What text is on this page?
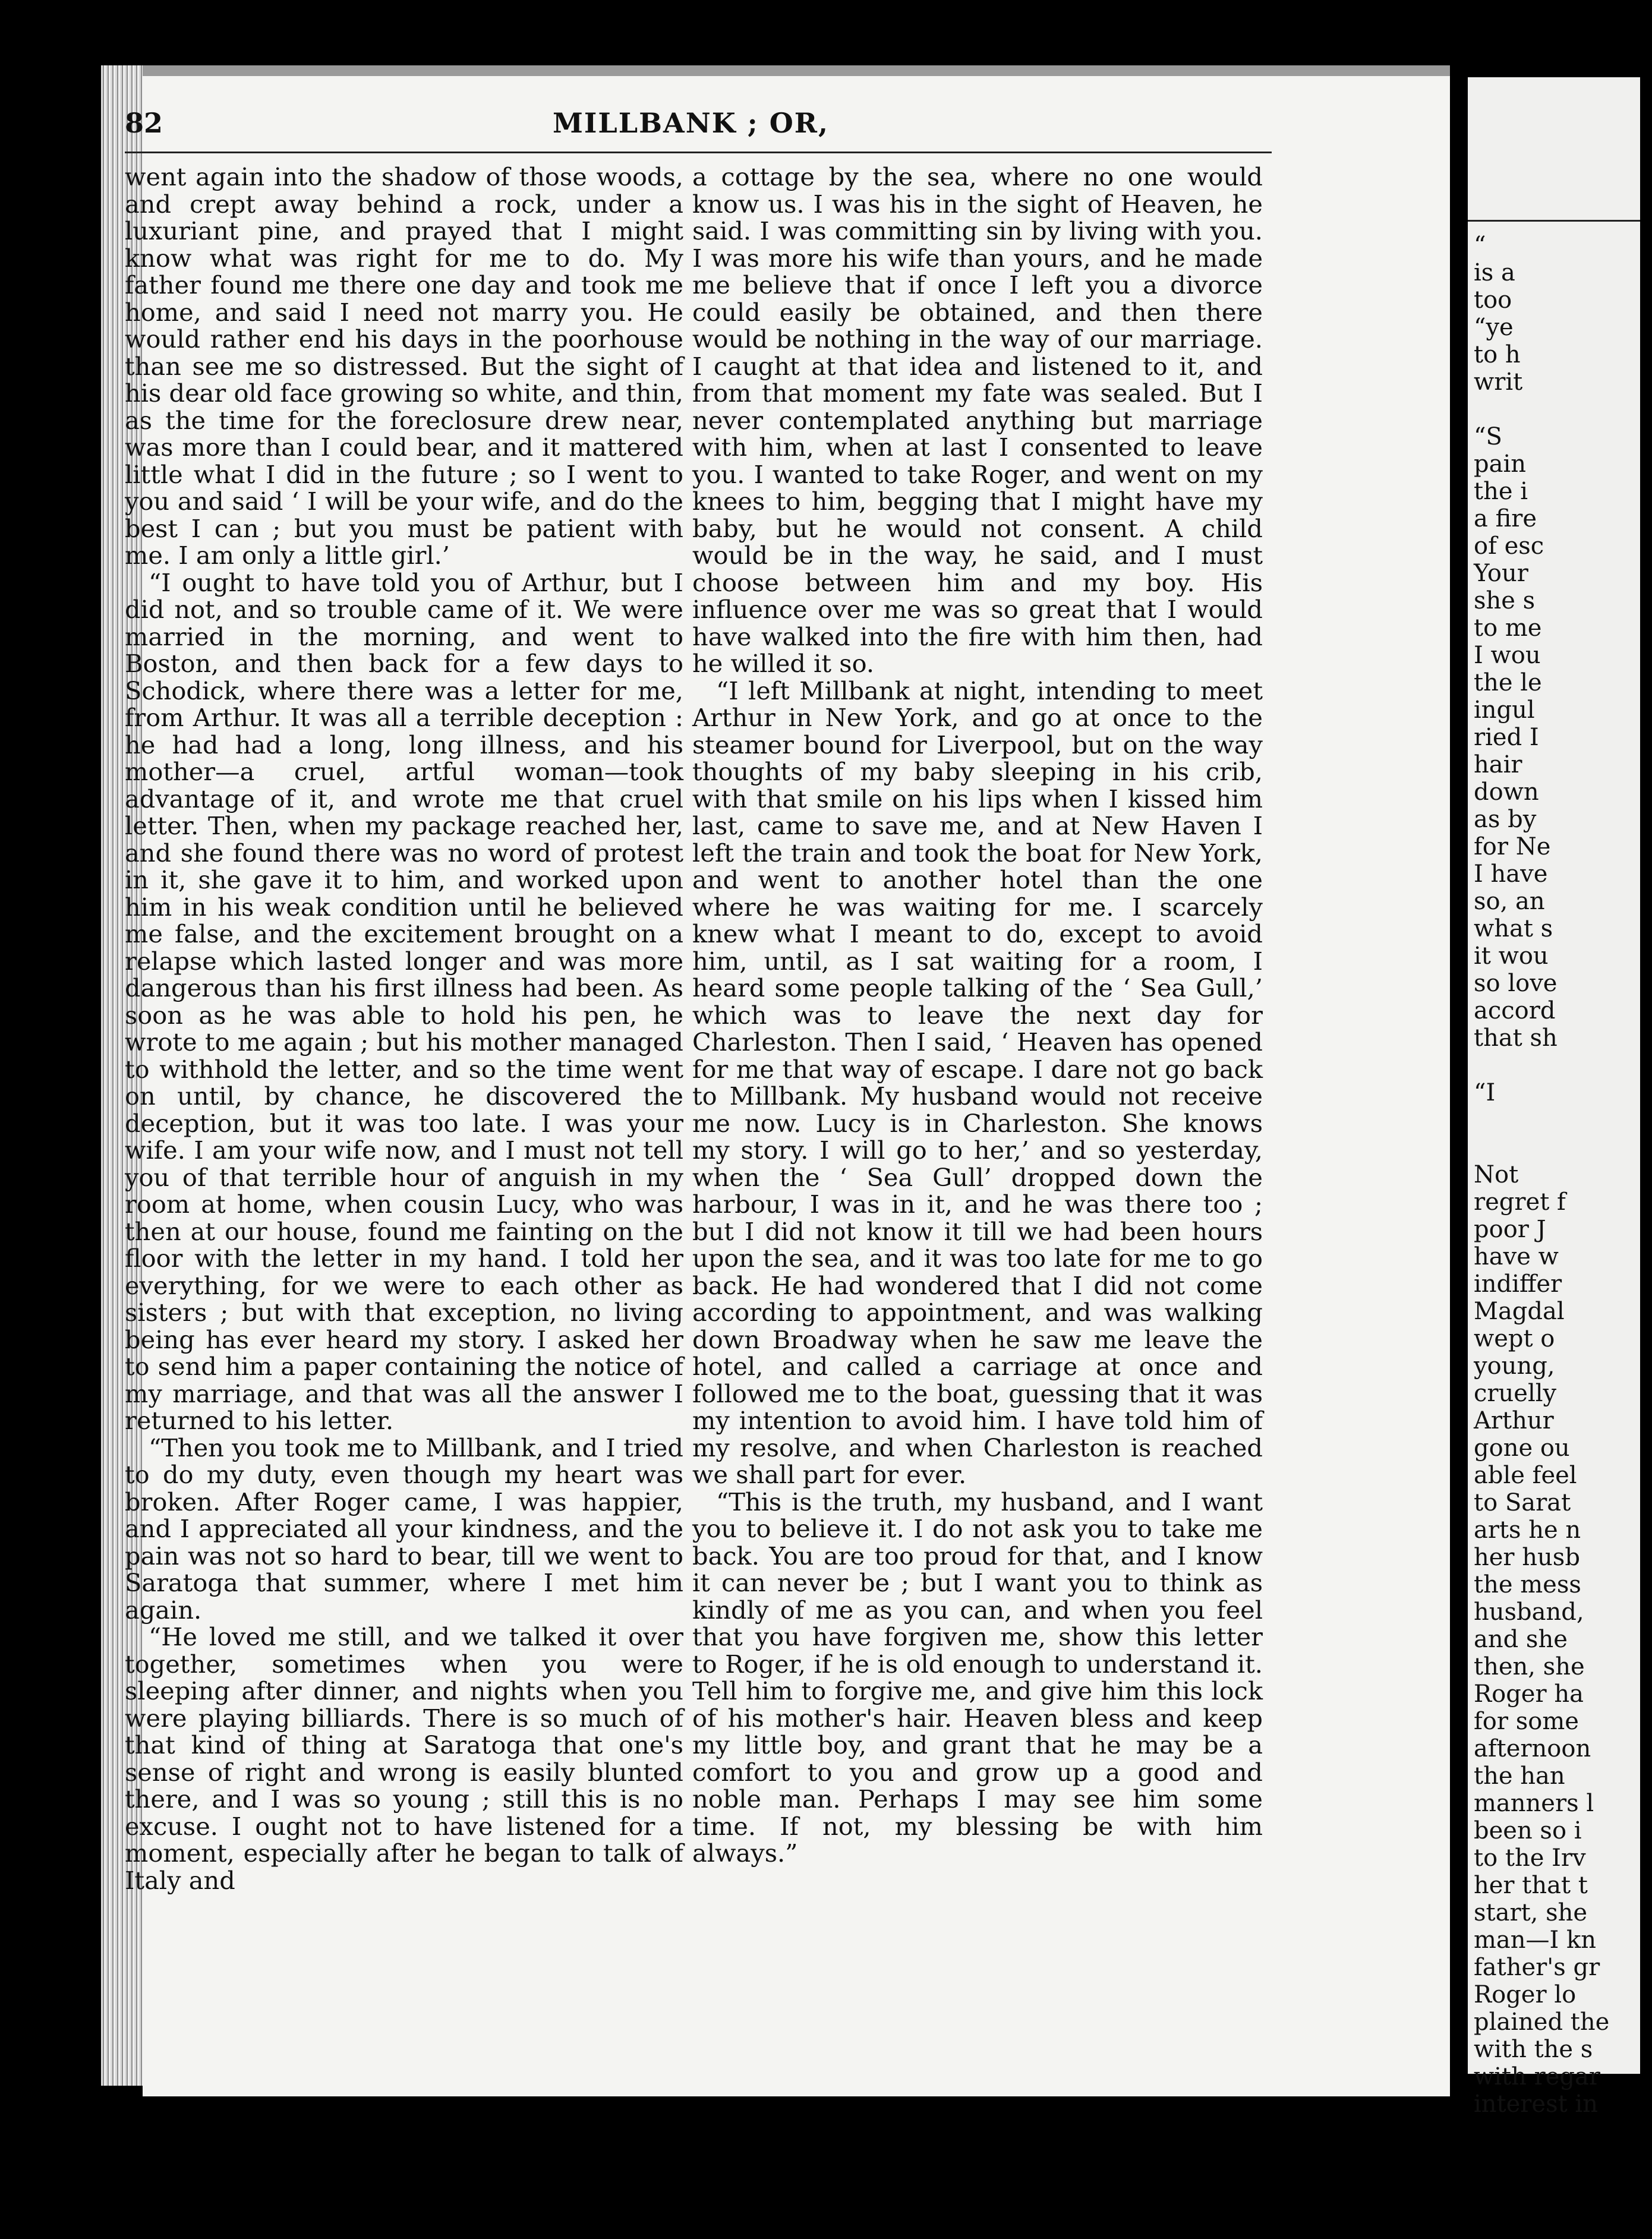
82	MILLBANK ; OR,

went again into the shadow of those woods, and crept away behind a rock, under a luxuriant pine, and prayed that I might know what was right for me to do. My father found me there one day and took me home, and said I need not marry you. He would rather end his days in the poorhouse than see me so distressed. But the sight of his dear old face growing so white, and thin, as the time for the foreclosure drew near, was more than I could bear, and it mattered little what I did in the future ; so I went to you and said ‘ I will be your wife, and do the best I can ; but you must be patient with me. I am only a little girl.’

“I ought to have told you of Arthur, but I did not, and so trouble came of it. We were married in the morning, and went to Boston, and then back for a few days to Schodick, where there was a letter for me, from Arthur. It was all a terrible deception : he had had a long, long illness, and his mother—a cruel, artful woman—took advantage of it, and wrote me that cruel letter. Then, when my package reached her, and she found there was no word of protest in it, she gave it to him, and worked upon him in his weak condition until he believed me false, and the excitement brought on a relapse which lasted longer and was more dangerous than his first illness had been. As soon as he was able to hold his pen, he wrote to me again ; but his mother managed to withhold the letter, and so the time went on until, by chance, he discovered the deception, but it was too late. I was your wife. I am your wife now, and I must not tell you of that terrible hour of anguish in my room at home, when cousin Lucy, who was then at our house, found me fainting on the floor with the letter in my hand. I told her everything, for we were to each other as sisters ; but with that exception, no living being has ever heard my story. I asked her to send him a paper containing the notice of my marriage, and that was all the answer I returned to his letter.

“Then you took me to Millbank, and I tried to do my duty, even though my heart was broken. After Roger came, I was happier, and I appreciated all your kindness, and the pain was not so hard to bear, till we went to Saratoga that summer, where I met him again.

“He loved me still, and we talked it over together, sometimes when you were sleeping after dinner, and nights when you were playing billiards. There is so much of that kind of thing at Saratoga that one's sense of right and wrong is easily blunted there, and I was so young ; still this is no excuse. I ought not to have listened for a moment, especially after he began to talk of Italy and

a cottage by the sea, where no one would know us. I was his in the sight of Heaven, he said. I was committing sin by living with you. I was more his wife than yours, and he made me believe that if once I left you a divorce could easily be obtained, and then there would be nothing in the way of our marriage. I caught at that idea and listened to it, and from that moment my fate was sealed. But I never contemplated anything but marriage with him, when at last I consented to leave you. I wanted to take Roger, and went on my knees to him, begging that I might have my baby, but he would not consent. A child would be in the way, he said, and I must choose between him and my boy. His influence over me was so great that I would have walked into the fire with him then, had he willed it so.

“I left Millbank at night, intending to meet Arthur in New York, and go at once to the steamer bound for Liverpool, but on the way thoughts of my baby sleeping in his crib, with that smile on his lips when I kissed him last, came to save me, and at New Haven I left the train and took the boat for New York, and went to another hotel than the one where he was waiting for me. I scarcely knew what I meant to do, except to avoid him, until, as I sat waiting for a room, I heard some people talking of the ‘ Sea Gull,’ which was to leave the next day for Charleston. Then I said, ‘ Heaven has opened for me that way of escape. I dare not go back to Millbank. My husband would not receive me now. Lucy is in Charleston. She knows my story. I will go to her,’ and so yesterday, when the ‘ Sea Gull’ dropped down the harbour, I was in it, and he was there too ; but I did not know it till we had been hours upon the sea, and it was too late for me to go back. He had wondered that I did not come according to appointment, and was walking down Broadway when he saw me leave the hotel, and called a carriage at once and followed me to the boat, guessing that it was my intention to avoid him. I have told him of my resolve, and when Charleston is reached we shall part for ever.

“This is the truth, my husband, and I want you to believe it. I do not ask you to take me back. You are too proud for that, and I know it can never be ; but I want you to think as kindly of me as you can, and when you feel that you have forgiven me, show this letter to Roger, if he is old enough to understand it. Tell him to forgive me, and give him this lock of his mother's hair. Heaven bless and keep my little boy, and grant that he may be a comfort to you and grow up a good and noble man. Perhaps I may see him some time. If not, my blessing be with him always.”

“
is a
too
“ye
to h
writ

“S
pain
the i
a fire
of esc
Your
she s
to me
I wou
the le
ingul
ried I
hair
down
as by
for Ne
I have
so, an
what s
it wou
so love
accord
that sh

“I

Not
regret f
poor J
have w
indiffer
Magdal
wept o
young,
cruelly
Arthur
gone ou
able feel
to Sarat
arts he n
her husb
the mess
husband,
and she
then, she
Roger ha
for some
afternoon
the han
manners l
been so i
to the Irv
her that t
start, she
man—I kn
father's gr
Roger lo
plained the
with the s
with regar
interest in
